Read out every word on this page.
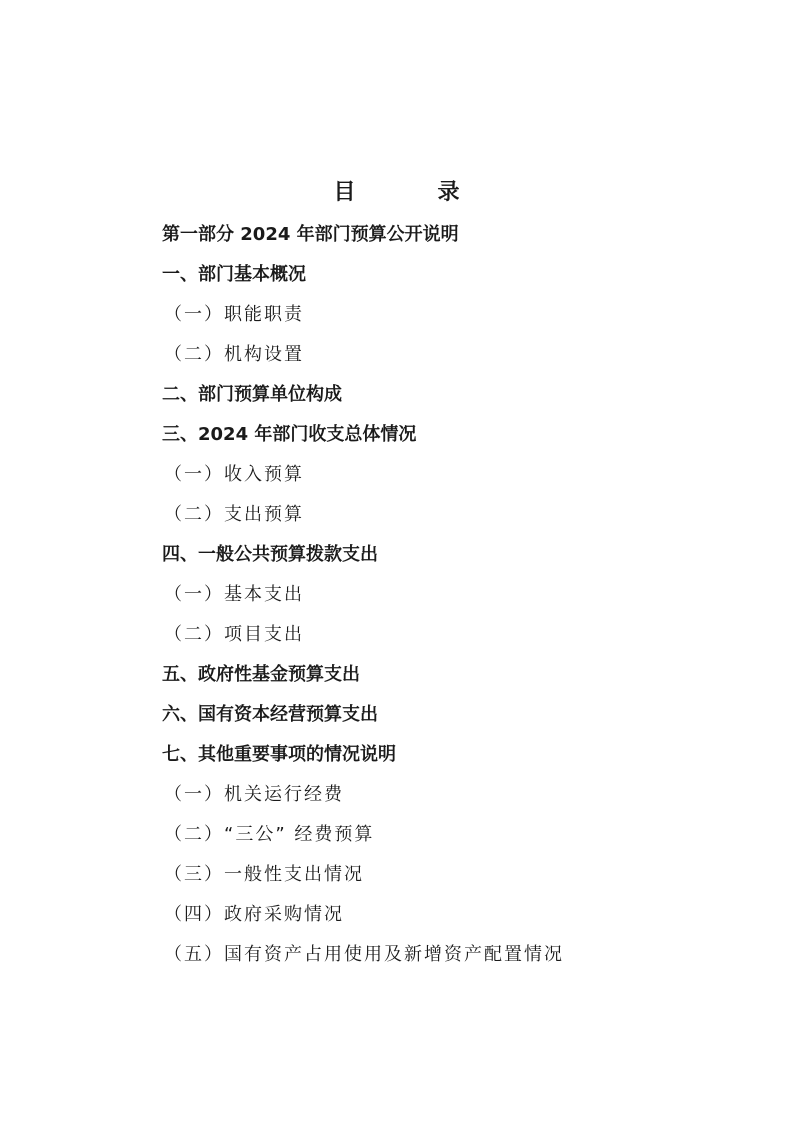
目　录
第一部分 2024 年部门预算公开说明
一、部门基本概况
（一）职能职责
（二）机构设置
二、部门预算单位构成
三、2024 年部门收支总体情况
（一）收入预算
（二）支出预算
四、一般公共预算拨款支出
（一）基本支出
（二）项目支出
五、政府性基金预算支出
六、国有资本经营预算支出
七、其他重要事项的情况说明
（一）机关运行经费
（二）“三公” 经费预算
（三）一般性支出情况
（四）政府采购情况
（五）国有资产占用使用及新增资产配置情况
